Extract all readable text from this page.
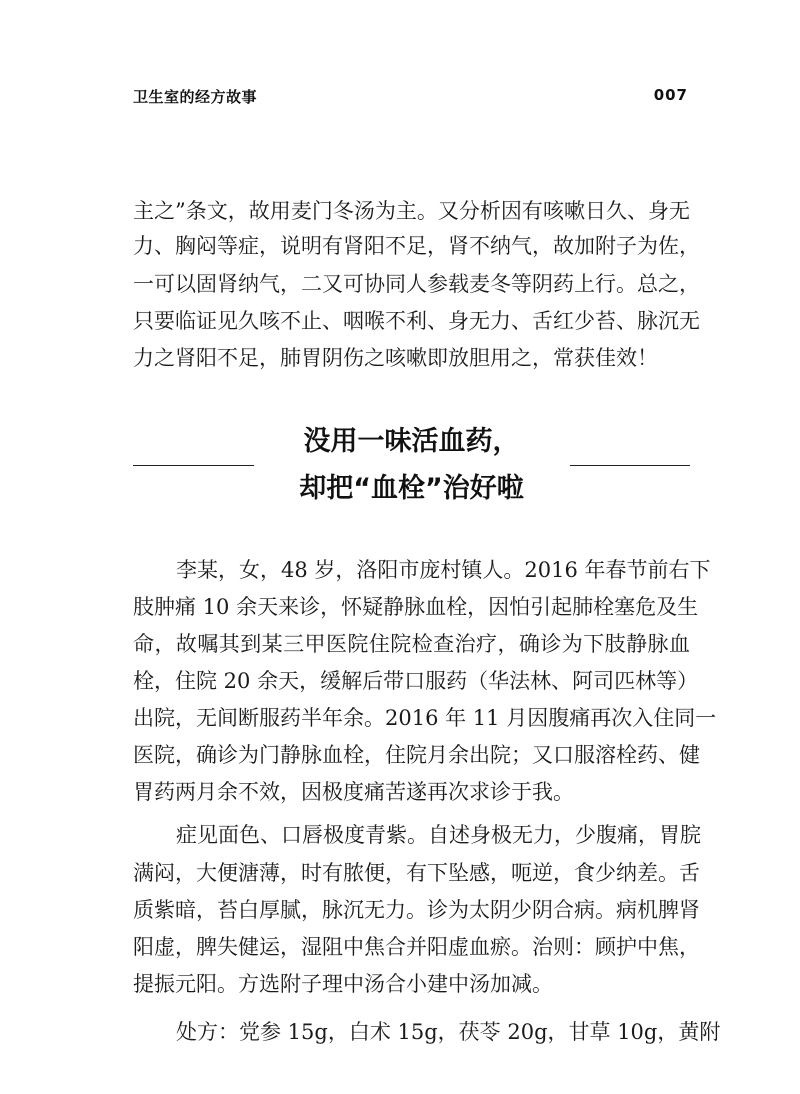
卫生室的经方故事	007
主之”条文，故用麦门冬汤为主。又分析因有咳嗽日久、身无
力、胸闷等症，说明有肾阳不足，肾不纳气，故加附子为佐，
一可以固肾纳气，二又可协同人参载麦冬等阴药上行。总之，
只要临证见久咳不止、咽喉不利、身无力、舌红少苔、脉沉无
力之肾阳不足，肺胃阴伤之咳嗽即放胆用之，常获佳效！
没用一味活血药，
却把“血栓”治好啦
李某，女，48 岁，洛阳市庞村镇人。2016 年春节前右下
肢肿痛 10 余天来诊，怀疑静脉血栓，因怕引起肺栓塞危及生
命，故嘱其到某三甲医院住院检查治疗，确诊为下肢静脉血
栓，住院 20 余天，缓解后带口服药（华法林、阿司匹林等）
出院，无间断服药半年余。2016 年 11 月因腹痛再次入住同一
医院，确诊为门静脉血栓，住院月余出院；又口服溶栓药、健
胃药两月余不效，因极度痛苦遂再次求诊于我。
症见面色、口唇极度青紫。自述身极无力，少腹痛，胃脘
满闷，大便溏薄，时有脓便，有下坠感，呃逆，食少纳差。舌
质紫暗，苔白厚腻，脉沉无力。诊为太阴少阴合病。病机脾肾
阳虚，脾失健运，湿阻中焦合并阳虚血瘀。治则：顾护中焦，
提振元阳。方选附子理中汤合小建中汤加减。
处方：党参 15g，白术 15g，茯苓 20g，甘草 10g，黄附
